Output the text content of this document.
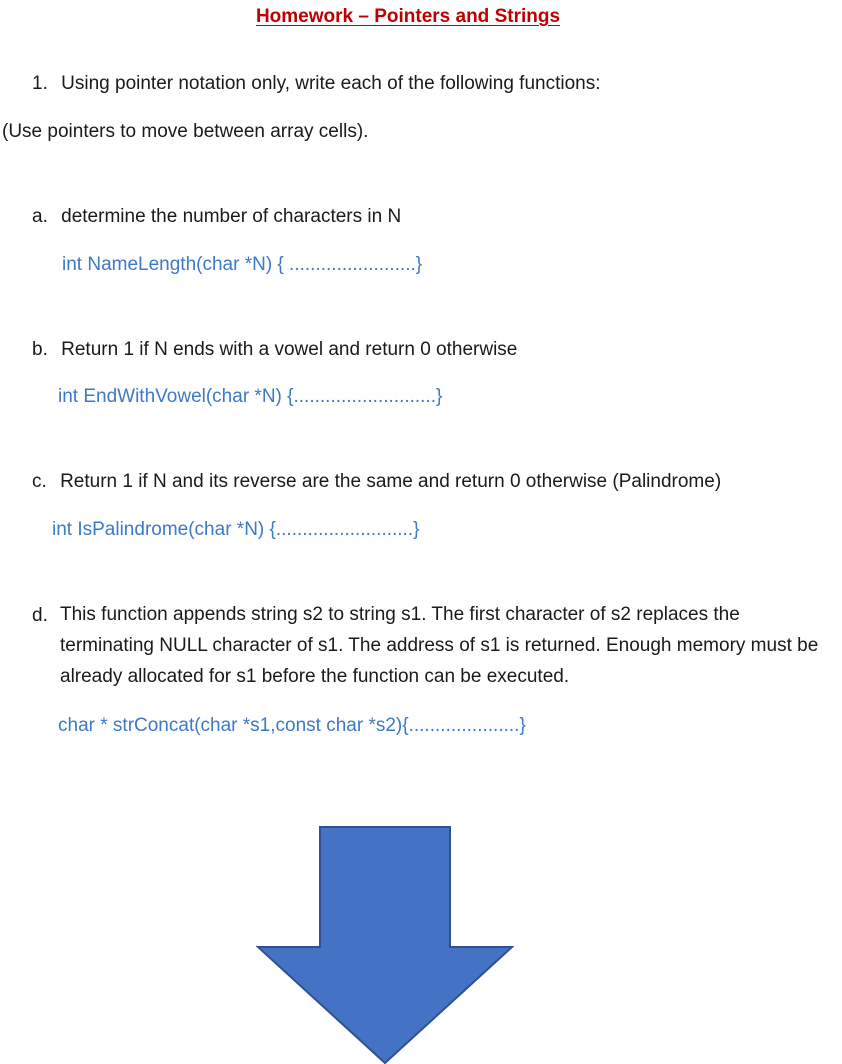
Homework – Pointers and Strings
1. Using pointer notation only, write each of the following functions:
(Use pointers to move between array cells).
a. determine the number of characters in N
int NameLength(char *N) { ........................}
b. Return 1 if N ends with a vowel and return 0 otherwise
int EndWithVowel(char *N) {...........................}
c. Return 1 if N and its reverse are the same and return 0 otherwise (Palindrome)
int IsPalindrome(char *N) {..........................}
d. This function appends string s2 to string s1. The first character of s2 replaces the terminating NULL character of s1. The address of s1 is returned. Enough memory must be already allocated for s1 before the function can be executed.
char * strConcat(char *s1,const char *s2){.....................}
